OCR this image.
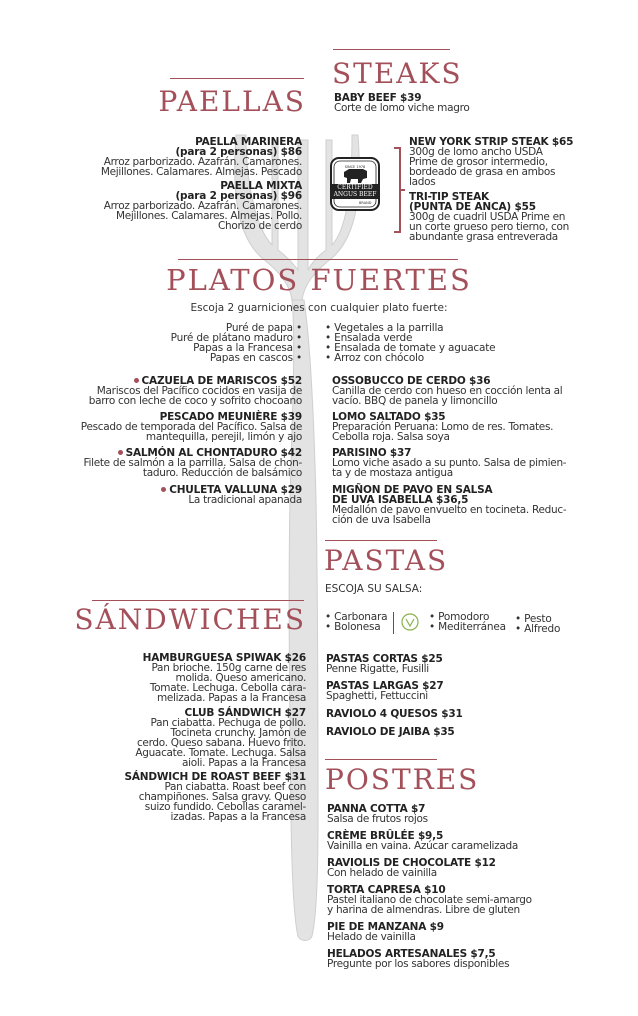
STEAKS
BABY BEEF $39
Corte de lomo viche magro
SINCE 1978
CERTIFIED
ANGUS BEEF
BRAND
NEW YORK STRIP STEAK $65
300g de lomo ancho USDA
Prime de grosor intermedio,
bordeado de grasa en ambos
lados
TRI-TIP STEAK
(PUNTA DE ANCA) $55
300g de cuadril USDA Prime en
un corte grueso pero tierno, con
abundante grasa entreverada
PAELLAS
PAELLA MARINERA
(para 2 personas) $86
Arroz parborizado. Azafrán. Camarones.
Mejillones. Calamares. Almejas. Pescado
PAELLA MIXTA
(para 2 personas) $96
Arroz parborizado. Azafrán. Camarones.
Mejillones. Calamares. Almejas. Pollo.
Chorizo de cerdo
PLATOS FUERTES
Escoja 2 guarniciones con cualquier plato fuerte:
Puré de papa •
Puré de plátano maduro •
Papas a la Francesa •
Papas en cascos •
• Vegetales a la parrilla
• Ensalada verde
• Ensalada de tomate y aguacate
• Arroz con chócolo
CAZUELA DE MARISCOS $52
Mariscos del Pacífico cocidos en vasija de
barro con leche de coco y sofrito chocoano
PESCADO MEUNIÈRE $39
Pescado de temporada del Pacífico. Salsa de
mantequilla, perejil, limón y ajo
SALMÓN AL CHONTADURO $42
Filete de salmón a la parrilla. Salsa de chon-
taduro. Reducción de balsámico
CHULETA VALLUNA $29
La tradicional apanada
OSSOBUCCO DE CERDO $36
Canilla de cerdo con hueso en cocción lenta al
vacío. BBQ de panela y limoncillo
LOMO SALTADO $35
Preparación Peruana: Lomo de res. Tomates.
Cebolla roja. Salsa soya
PARISINO $37
Lomo viche asado a su punto. Salsa de pimien-
ta y de mostaza antigua
MIGÑON DE PAVO EN SALSA
DE UVA ISABELLA $36,5
Medallón de pavo envuelto en tocineta. Reduc-
ción de uva Isabella
PASTAS
ESCOJA SU SALSA:
• Carbonara
• Bolonesa
• Pomodoro
• Mediterránea
• Pesto
• Alfredo
PASTAS CORTAS $25
Penne Rigatte, Fusilli
PASTAS LARGAS $27
Spaghetti, Fettuccini
RAVIOLO 4 QUESOS $31
RAVIOLO DE JAIBA $35
SÁNDWICHES
HAMBURGUESA SPIWAK $26
Pan brioche. 150g carne de res
molida. Queso americano.
Tomate. Lechuga. Cebolla cara-
melizada. Papas a la Francesa
CLUB SÁNDWICH $27
Pan ciabatta. Pechuga de pollo.
Tocineta crunchy. Jamón de
cerdo. Queso sabana. Huevo frito.
Aguacate. Tomate. Lechuga. Salsa
aioli. Papas a la Francesa
SÁNDWICH DE ROAST BEEF $31
Pan ciabatta. Roast beef con
champiñones. Salsa gravy. Queso
suizo fundido. Cebollas caramel-
izadas. Papas a la Francesa
POSTRES
PANNA COTTA $7
Salsa de frutos rojos
CRÈME BRÛLÉE $9,5
Vainilla en vaina. Azúcar caramelizada
RAVIOLIS DE CHOCOLATE $12
Con helado de vainilla
TORTA CAPRESA $10
Pastel italiano de chocolate semi-amargo
y harina de almendras. Libre de gluten
PIE DE MANZANA $9
Helado de vainilla
HELADOS ARTESANALES $7,5
Pregunte por los sabores disponibles
